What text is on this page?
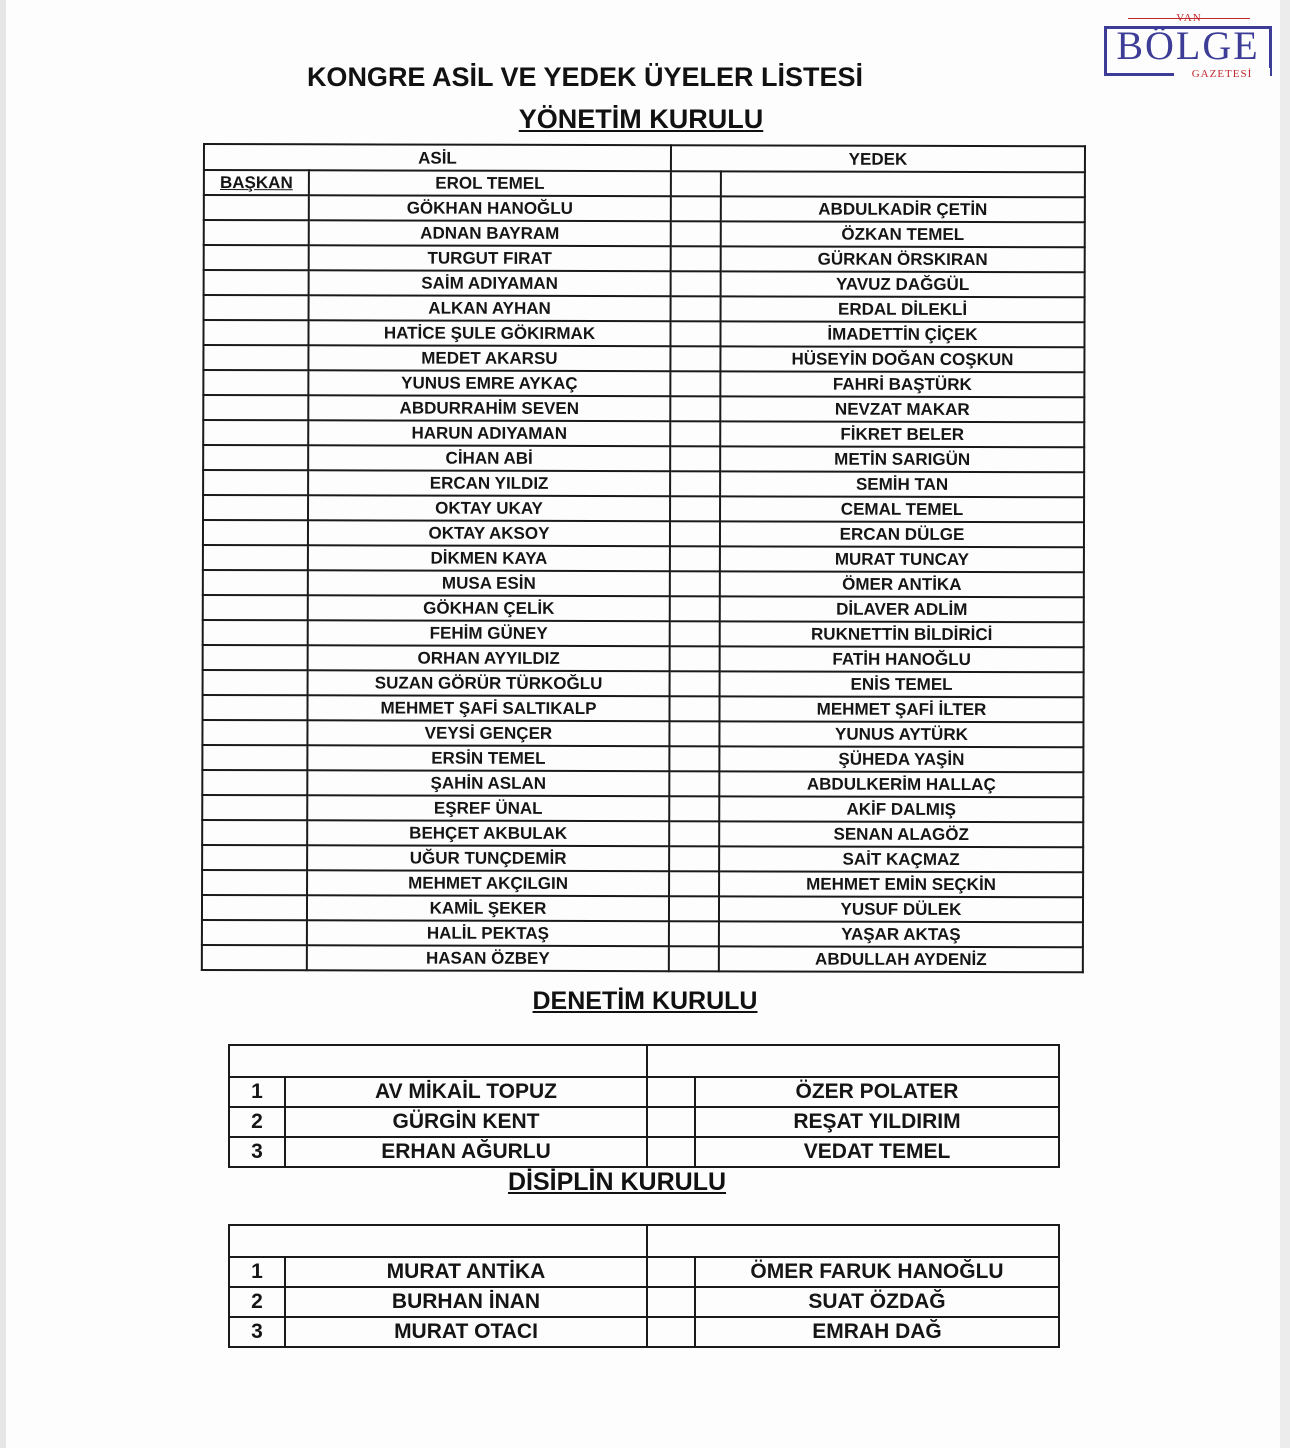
VAN
BÖLGE
GAZETESİ
KONGRE ASİL VE YEDEK ÜYELER LİSTESİ
YÖNETİM KURULU
ASİL		YEDEK	
BAŞKAN	EROL TEMEL		
	GÖKHAN HANOĞLU		ABDULKADİR ÇETİN
	ADNAN BAYRAM		ÖZKAN TEMEL
	TURGUT FIRAT		GÜRKAN ÖRSKIRAN
	SAİM ADIYAMAN		YAVUZ DAĞGÜL
	ALKAN AYHAN		ERDAL DİLEKLİ
	HATİCE ŞULE GÖKIRMAK		İMADETTİN ÇİÇEK
	MEDET AKARSU		HÜSEYİN DOĞAN COŞKUN
	YUNUS EMRE AYKAÇ		FAHRİ BAŞTÜRK
	ABDURRAHİM SEVEN		NEVZAT MAKAR
	HARUN ADIYAMAN		FİKRET BELER
	CİHAN ABİ		METİN SARIGÜN
	ERCAN YILDIZ		SEMİH TAN
	OKTAY UKAY		CEMAL TEMEL
	OKTAY AKSOY		ERCAN DÜLGE
	DİKMEN KAYA		MURAT TUNCAY
	MUSA ESİN		ÖMER ANTİKA
	GÖKHAN ÇELİK		DİLAVER ADLİM
	FEHİM GÜNEY		RUKNETTİN BİLDİRİCİ
	ORHAN AYYILDIZ		FATİH HANOĞLU
	SUZAN GÖRÜR TÜRKOĞLU		ENİS TEMEL
	MEHMET ŞAFİ SALTIKALP		MEHMET ŞAFİ İLTER
	VEYSİ GENÇER		YUNUS AYTÜRK
	ERSİN TEMEL		ŞÜHEDA YAŞİN
	ŞAHİN ASLAN		ABDULKERİM HALLAÇ
	EŞREF ÜNAL		AKİF DALMIŞ
	BEHÇET AKBULAK		SENAN ALAGÖZ
	UĞUR TUNÇDEMİR		SAİT KAÇMAZ
	MEHMET AKÇILGIN		MEHMET EMİN SEÇKİN
	KAMİL ŞEKER		YUSUF DÜLEK
	HALİL PEKTAŞ		YAŞAR AKTAŞ
	HASAN ÖZBEY		ABDULLAH AYDENİZ
DENETİM KURULU

1	AV MİKAİL TOPUZ		ÖZER POLATER
2	GÜRGİN KENT		REŞAT YILDIRIM
3	ERHAN AĞURLU		VEDAT TEMEL
DİSİPLİN KURULU

1	MURAT ANTİKA		ÖMER FARUK HANOĞLU
2	BURHAN İNAN		SUAT ÖZDAĞ
3	MURAT OTACI		EMRAH DAĞ
